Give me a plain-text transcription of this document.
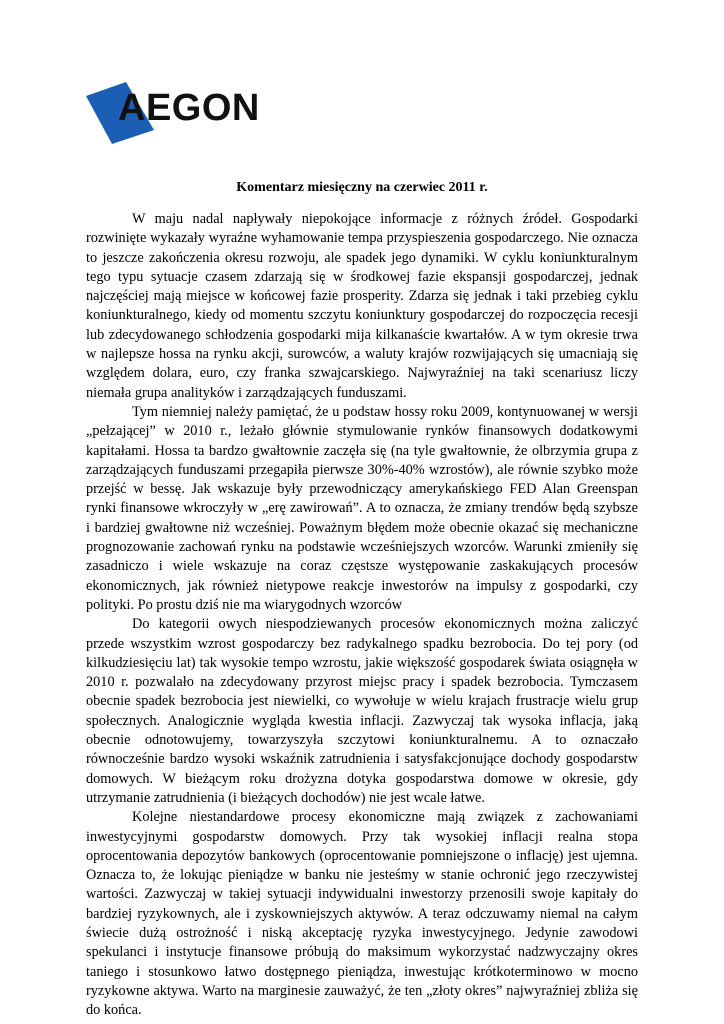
AEGON
Komentarz miesięczny na czerwiec 2011 r.

W maju nadal napływały niepokojące informacje z różnych źródeł. Gospodarki rozwinięte wykazały wyraźne wyhamowanie tempa przyspieszenia gospodarczego. Nie oznacza to jeszcze zakończenia okresu rozwoju, ale spadek jego dynamiki. W cyklu koniunkturalnym tego typu sytuacje czasem zdarzają się w środkowej fazie ekspansji gospodarczej, jednak najczęściej mają miejsce w końcowej fazie prosperity. Zdarza się jednak i taki przebieg cyklu koniunkturalnego, kiedy od momentu szczytu koniunktury gospodarczej do rozpoczęcia recesji lub zdecydowanego schłodzenia gospodarki mija kilkanaście kwartałów. A w tym okresie trwa w najlepsze hossa na rynku akcji, surowców, a waluty krajów rozwijających się umacniają się względem dolara, euro, czy franka szwajcarskiego. Najwyraźniej na taki scenariusz liczy niemała grupa analityków i zarządzających funduszami.

Tym niemniej należy pamiętać, że u podstaw hossy roku 2009, kontynuowanej w wersji „pełzającej” w 2010 r., leżało głównie stymulowanie rynków finansowych dodatkowymi kapitałami. Hossa ta bardzo gwałtownie zaczęła się (na tyle gwałtownie, że olbrzymia grupa z zarządzających funduszami przegapiła pierwsze 30%-40% wzrostów), ale równie szybko może przejść w bessę. Jak wskazuje były przewodniczący amerykańskiego FED Alan Greenspan rynki finansowe wkroczyły w „erę zawirowań”. A to oznacza, że zmiany trendów będą szybsze i bardziej gwałtowne niż wcześniej. Poważnym błędem może obecnie okazać się mechaniczne prognozowanie zachowań rynku na podstawie wcześniejszych wzorców. Warunki zmieniły się zasadniczo i wiele wskazuje na coraz częstsze występowanie zaskakujących procesów ekonomicznych, jak również nietypowe reakcje inwestorów na impulsy z gospodarki, czy polityki. Po prostu dziś nie ma wiarygodnych wzorców

Do kategorii owych niespodziewanych procesów ekonomicznych można zaliczyć przede wszystkim wzrost gospodarczy bez radykalnego spadku bezrobocia. Do tej pory (od kilkudziesięciu lat) tak wysokie tempo wzrostu, jakie większość gospodarek świata osiągnęła w 2010 r. pozwalało na zdecydowany przyrost miejsc pracy i spadek bezrobocia. Tymczasem obecnie spadek bezrobocia jest niewielki, co wywołuje w wielu krajach frustracje wielu grup społecznych. Analogicznie wygląda kwestia inflacji. Zazwyczaj tak wysoka inflacja, jaką obecnie odnotowujemy, towarzyszyła szczytowi koniunkturalnemu. A to oznaczało równocześnie bardzo wysoki wskaźnik zatrudnienia i satysfakcjonujące dochody gospodarstw domowych. W bieżącym roku drożyzna dotyka gospodarstwa domowe w okresie, gdy utrzymanie zatrudnienia (i bieżących dochodów) nie jest wcale łatwe.

Kolejne niestandardowe procesy ekonomiczne mają związek z zachowaniami inwestycyjnymi gospodarstw domowych. Przy tak wysokiej inflacji realna stopa oprocentowania depozytów bankowych (oprocentowanie pomniejszone o inflację) jest ujemna. Oznacza to, że lokując pieniądze w banku nie jesteśmy w stanie ochronić jego rzeczywistej wartości. Zazwyczaj w takiej sytuacji indywidualni inwestorzy przenosili swoje kapitały do bardziej ryzykownych, ale i zyskowniejszych aktywów. A teraz odczuwamy niemal na całym świecie dużą ostrożność i niską akceptację ryzyka inwestycyjnego. Jedynie zawodowi spekulanci i instytucje finansowe próbują do maksimum wykorzystać nadzwyczajny okres taniego i stosunkowo łatwo dostępnego pieniądza, inwestując krótkoterminowo w mocno ryzykowne aktywa. Warto na marginesie zauważyć, że ten „złoty okres” najwyraźniej zbliża się do końca.
